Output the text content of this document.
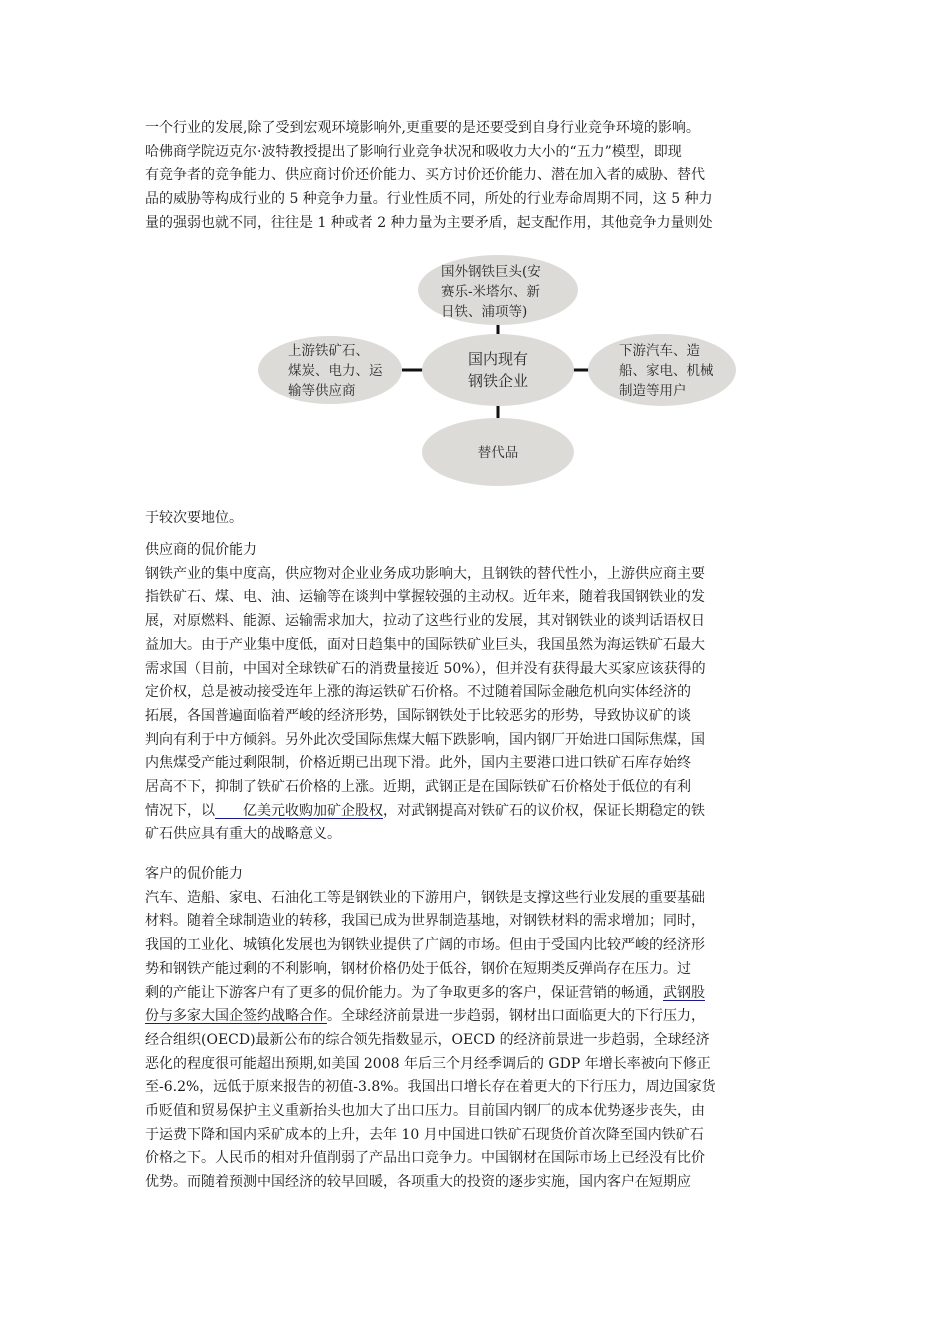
一个行业的发展,除了受到宏观环境影响外,更重要的是还要受到自身行业竞争环境的影响。
哈佛商学院迈克尔·波特教授提出了影响行业竞争状况和吸收力大小的“五力”模型，即现
有竞争者的竞争能力、供应商讨价还价能力、买方讨价还价能力、潜在加入者的威胁、替代
品的威胁等构成行业的 5 种竞争力量。行业性质不同，所处的行业寿命周期不同，这 5 种力
量的强弱也就不同，往往是 1 种或者 2 种力量为主要矛盾，起支配作用，其他竞争力量则处

国外钢铁巨头(安
赛乐-米塔尔、新
日铁、浦项等)
上游铁矿石、
煤炭、电力、运
输等供应商
国内现有
钢铁企业
下游汽车、造
船、家电、机械
制造等用户
替代品

于较次要地位。

供应商的侃价能力

钢铁产业的集中度高，供应物对企业业务成功影响大，且钢铁的替代性小，上游供应商主要
指铁矿石、煤、电、油、运输等在谈判中掌握较强的主动权。近年来，随着我国钢铁业的发
展，对原燃料、能源、运输需求加大，拉动了这些行业的发展，其对钢铁业的谈判话语权日
益加大。由于产业集中度低，面对日趋集中的国际铁矿业巨头，我国虽然为海运铁矿石最大
需求国（目前，中国对全球铁矿石的消费量接近 50%），但并没有获得最大买家应该获得的
定价权，总是被动接受连年上涨的海运铁矿石价格。不过随着国际金融危机向实体经济的
拓展，各国普遍面临着严峻的经济形势，国际钢铁处于比较恶劣的形势，导致协议矿的谈
判向有利于中方倾斜。另外此次受国际焦煤大幅下跌影响，国内钢厂开始进口国际焦煤，国
内焦煤受产能过剩限制，价格近期已出现下滑。此外，国内主要港口进口铁矿石库存始终
居高不下，抑制了铁矿石价格的上涨。近期，武钢正是在国际铁矿石价格处于低位的有利
情况下，以　　 亿美元收购加矿企股权，对武钢提高对铁矿石的议价权，保证长期稳定的铁
矿石供应具有重大的战略意义。

客户的侃价能力

汽车、造船、家电、石油化工等是钢铁业的下游用户，钢铁是支撑这些行业发展的重要基础
材料。随着全球制造业的转移，我国已成为世界制造基地，对钢铁材料的需求增加；同时，
我国的工业化、城镇化发展也为钢铁业提供了广阔的市场。但由于受国内比较严峻的经济形
势和钢铁产能过剩的不利影响，钢材价格仍处于低谷，钢价在短期类反弹尚存在压力。过
剩的产能让下游客户有了更多的侃价能力。为了争取更多的客户，保证营销的畅通，武钢股
份与多家大国企签约战略合作。全球经济前景进一步趋弱，钢材出口面临更大的下行压力，
经合组织(OECD)最新公布的综合领先指数显示，OECD 的经济前景进一步趋弱，全球经济
恶化的程度很可能超出预期,如美国 2008 年后三个月经季调后的 GDP 年增长率被向下修正
至-6.2%，远低于原来报告的初值-3.8%。我国出口增长存在着更大的下行压力，周边国家货
币贬值和贸易保护主义重新抬头也加大了出口压力。目前国内钢厂的成本优势逐步丧失，由
于运费下降和国内采矿成本的上升，去年 10 月中国进口铁矿石现货价首次降至国内铁矿石
价格之下。人民币的相对升值削弱了产品出口竞争力。中国钢材在国际市场上已经没有比价
优势。而随着预测中国经济的较早回暖，各项重大的投资的逐步实施，国内客户在短期应
